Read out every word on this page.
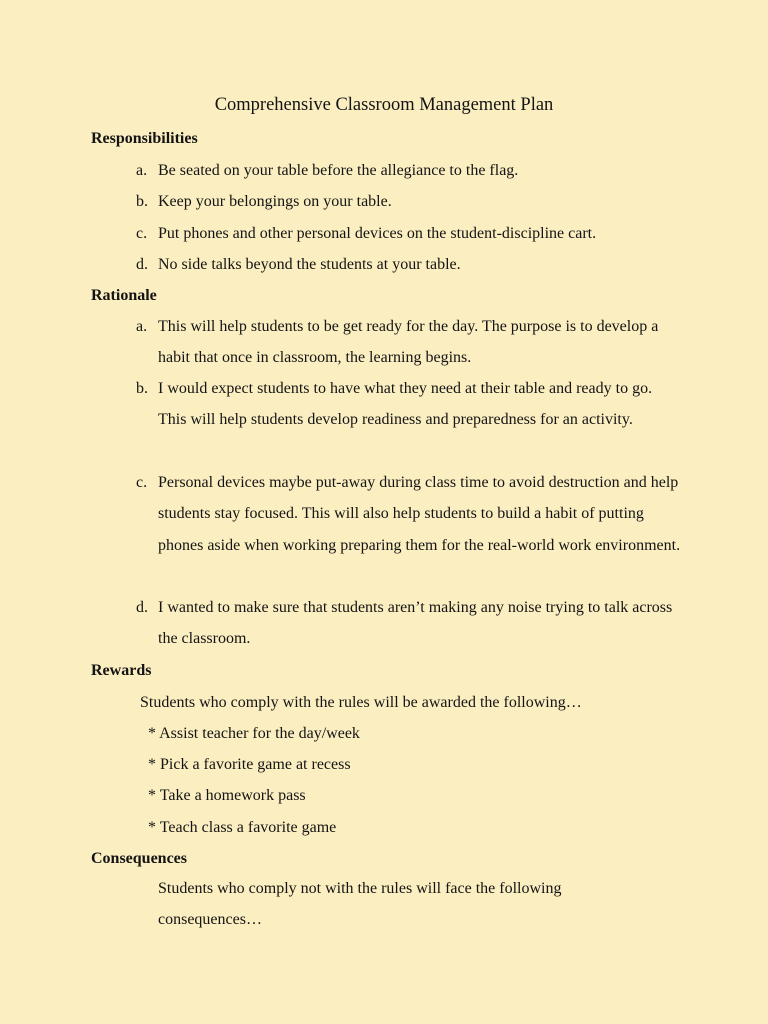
Comprehensive Classroom Management Plan
Responsibilities
a. Be seated on your table before the allegiance to the flag.
b. Keep your belongings on your table.
c. Put phones and other personal devices on the student-discipline cart.
d. No side talks beyond the students at your table.
Rationale
a. This will help students to be get ready for the day. The purpose is to develop a habit that once in classroom, the learning begins.
b. I would expect students to have what they need at their table and ready to go. This will help students develop readiness and preparedness for an activity.
c. Personal devices maybe put-away during class time to avoid destruction and help students stay focused. This will also help students to build a habit of putting phones aside when working preparing them for the real-world work environment.
d. I wanted to make sure that students aren’t making any noise trying to talk across the classroom.
Rewards
Students who comply with the rules will be awarded the following…
* Assist teacher for the day/week
* Pick a favorite game at recess
* Take a homework pass
* Teach class a favorite game
Consequences
Students who comply not with the rules will face the following consequences…
